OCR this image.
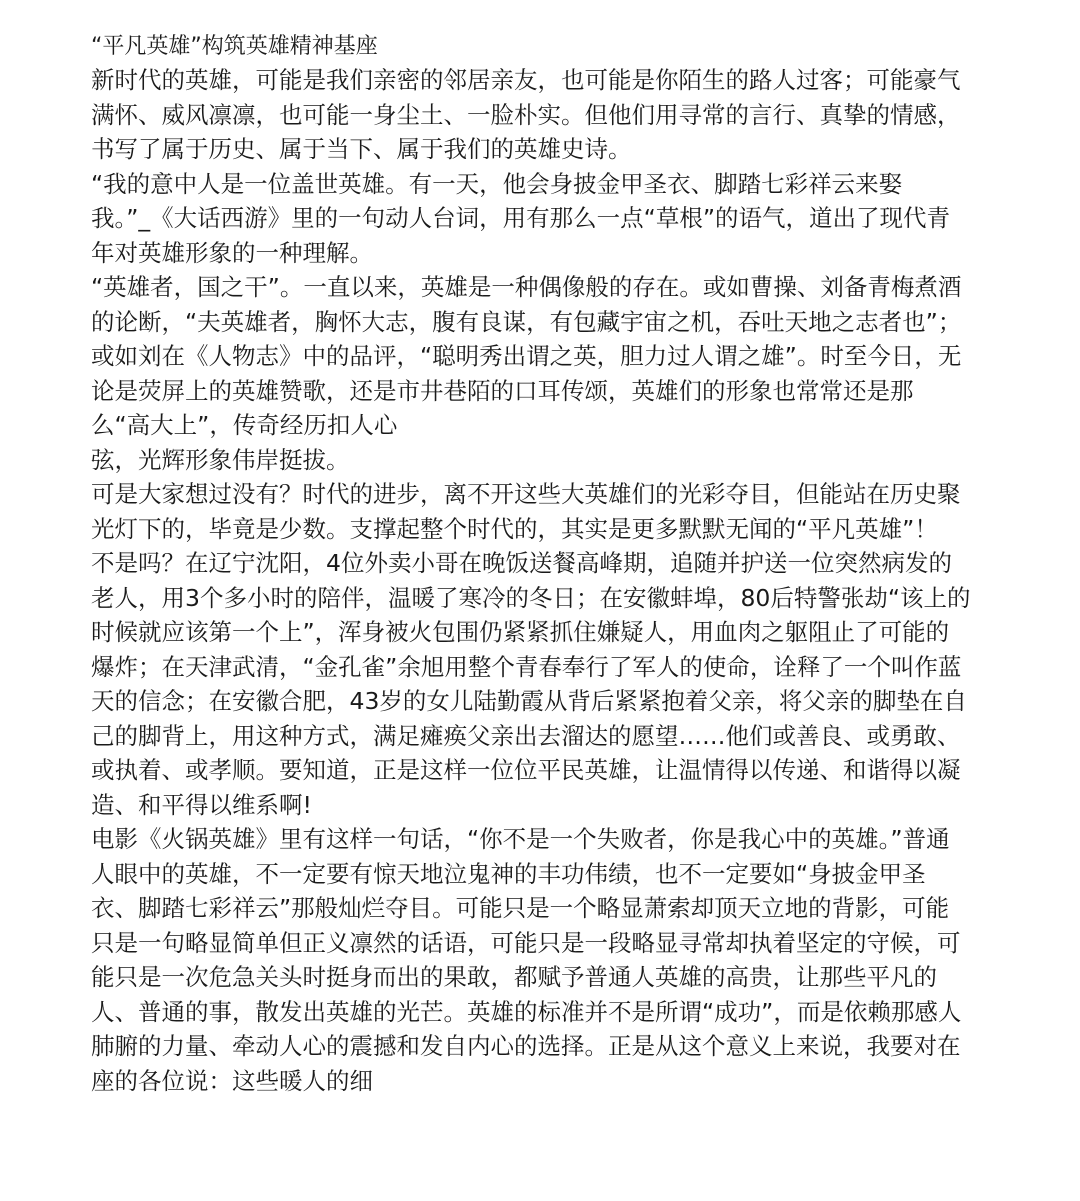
“平凡英雄”构筑英雄精神基座
新时代的英雄，可能是我们亲密的邻居亲友，也可能是你陌生的路人过客；可能豪气
满怀、威风凛凛，也可能一身尘土、一脸朴实。但他们用寻常的言行、真挚的情感，
书写了属于历史、属于当下、属于我们的英雄史诗。
“我的意中人是一位盖世英雄。有一天，他会身披金甲圣衣、脚踏七彩祥云来娶
我。”_《大话西游》里的一句动人台词，用有那么一点“草根”的语气，道出了现代青
年对英雄形象的一种理解。
“英雄者，国之干”。一直以来，英雄是一种偶像般的存在。或如曹操、刘备青梅煮酒
的论断，“夫英雄者，胸怀大志，腹有良谋，有包藏宇宙之机，吞吐天地之志者也”；
或如刘在《人物志》中的品评，“聪明秀出谓之英，胆力过人谓之雄”。时至今日，无
论是荧屏上的英雄赞歌，还是市井巷陌的口耳传颂，英雄们的形象也常常还是那
么“高大上”，传奇经历扣人心
弦，光辉形象伟岸挺拔。
可是大家想过没有？时代的进步，离不开这些大英雄们的光彩夺目，但能站在历史聚
光灯下的，毕竟是少数。支撑起整个时代的，其实是更多默默无闻的“平凡英雄”！
不是吗？在辽宁沈阳，4位外卖小哥在晚饭送餐高峰期，追随并护送一位突然病发的
老人，用3个多小时的陪伴，温暖了寒冷的冬日；在安徽蚌埠，80后特警张劫“该上的
时候就应该第一个上”，浑身被火包围仍紧紧抓住嫌疑人，用血肉之躯阻止了可能的
爆炸；在天津武清，“金孔雀”余旭用整个青春奉行了军人的使命，诠释了一个叫作蓝
天的信念；在安徽合肥，43岁的女儿陆勤霞从背后紧紧抱着父亲，将父亲的脚垫在自
己的脚背上，用这种方式，满足瘫痪父亲出去溜达的愿望……他们或善良、或勇敢、
或执着、或孝顺。要知道，正是这样一位位平民英雄，让温情得以传递、和谐得以凝
造、和平得以维系啊!
电影《火锅英雄》里有这样一句话，“你不是一个失败者，你是我心中的英雄。”普通
人眼中的英雄，不一定要有惊天地泣鬼神的丰功伟绩，也不一定要如“身披金甲圣
衣、脚踏七彩祥云”那般灿烂夺目。可能只是一个略显萧索却顶天立地的背影，可能
只是一句略显简单但正义凛然的话语，可能只是一段略显寻常却执着坚定的守候，可
能只是一次危急关头时挺身而出的果敢，都赋予普通人英雄的高贵，让那些平凡的
人、普通的事，散发出英雄的光芒。英雄的标准并不是所谓“成功”，而是依赖那感人
肺腑的力量、牵动人心的震撼和发自内心的选择。正是从这个意义上来说，我要对在
座的各位说：这些暖人的细
